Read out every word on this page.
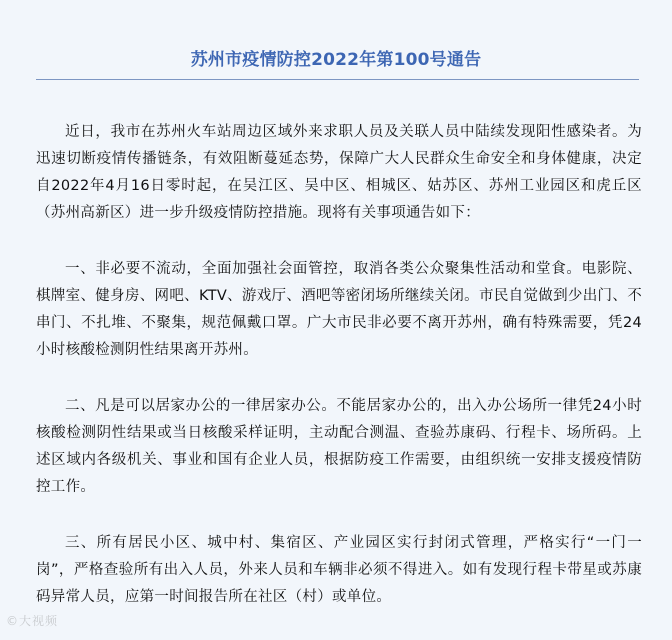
苏州市疫情防控2022年第100号通告

近日，我市在苏州火车站周边区域外来求职人员及关联人员中陆续发现阳性感染者。为迅速切断疫情传播链条，有效阻断蔓延态势，保障广大人民群众生命安全和身体健康，决定自2022年4月16日零时起，在吴江区、吴中区、相城区、姑苏区、苏州工业园区和虎丘区（苏州高新区）进一步升级疫情防控措施。现将有关事项通告如下：

一、非必要不流动，全面加强社会面管控，取消各类公众聚集性活动和堂食。电影院、棋牌室、健身房、网吧、KTV、游戏厅、酒吧等密闭场所继续关闭。市民自觉做到少出门、不串门、不扎堆、不聚集，规范佩戴口罩。广大市民非必要不离开苏州，确有特殊需要，凭24小时核酸检测阴性结果离开苏州。

二、凡是可以居家办公的一律居家办公。不能居家办公的，出入办公场所一律凭24小时核酸检测阴性结果或当日核酸采样证明，主动配合测温、查验苏康码、行程卡、场所码。上述区域内各级机关、事业和国有企业人员，根据防疫工作需要，由组织统一安排支援疫情防控工作。

三、所有居民小区、城中村、集宿区、产业园区实行封闭式管理，严格实行“一门一岗”，严格查验所有出入人员，外来人员和车辆非必须不得进入。如有发现行程卡带星或苏康码异常人员，应第一时间报告所在社区（村）或单位。

©大视频
